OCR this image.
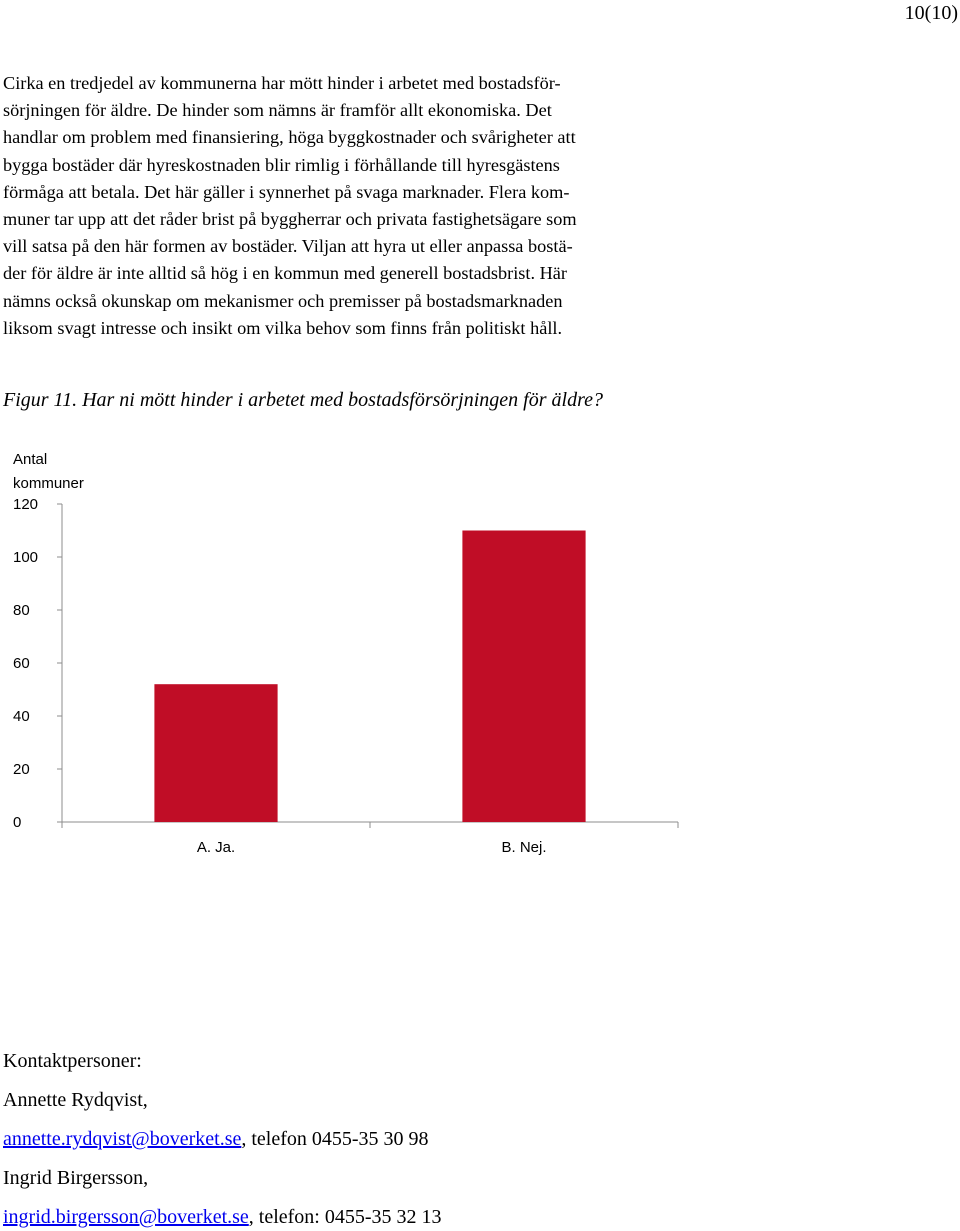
10(10)
Cirka en tredjedel av kommunerna har mött hinder i arbetet med bostadsför-
sörjningen för äldre. De hinder som nämns är framför allt ekonomiska. Det
handlar om problem med finansiering, höga byggkostnader och svårigheter att
bygga bostäder där hyreskostnaden blir rimlig i förhållande till hyresgästens
förmåga att betala. Det här gäller i synnerhet på svaga marknader. Flera kom-
muner tar upp att det råder brist på byggherrar och privata fastighetsägare som
vill satsa på den här formen av bostäder. Viljan att hyra ut eller anpassa bostä-
der för äldre är inte alltid så hög i en kommun med generell bostadsbrist. Här
nämns också okunskap om mekanismer och premisser på bostadsmarknaden
liksom svagt intresse och insikt om vilka behov som finns från politiskt håll.
Figur 11. Har ni mött hinder i arbetet med bostadsförsörjningen för äldre?
Antal
kommuner
0
20
40
60
80
100
120
A. Ja.	B. Nej.
Kontaktpersoner:
Annette Rydqvist,
annette.rydqvist@boverket.se, telefon 0455-35 30 98
Ingrid Birgersson,
ingrid.birgersson@boverket.se, telefon: 0455-35 32 13
